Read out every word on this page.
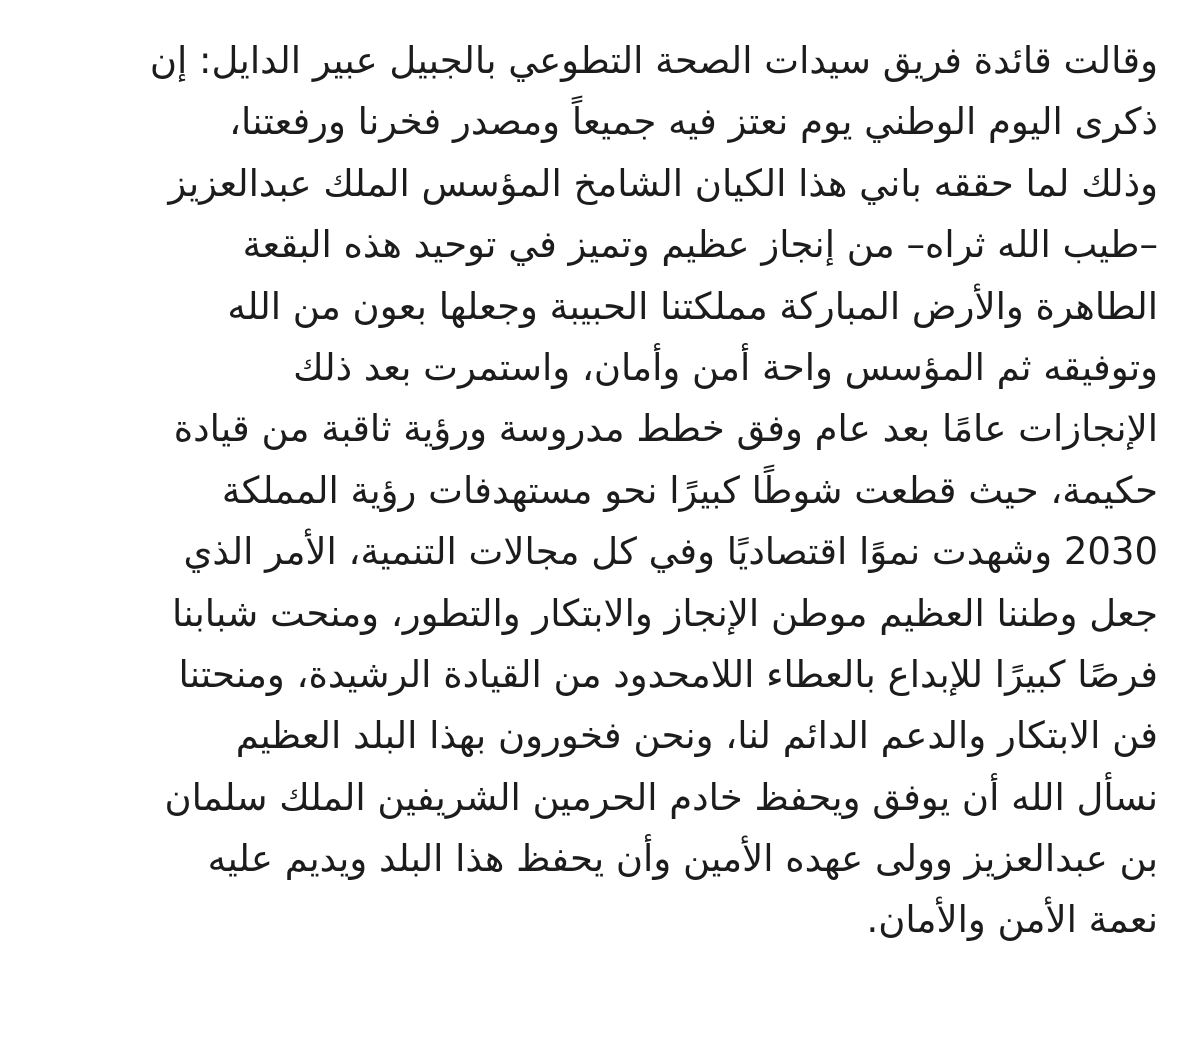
وقالت قائدة فريق سيدات الصحة التطوعي بالجبيل عبير الدايل: إن
ذكرى اليوم الوطني يوم نعتز فيه جميعاً ومصدر فخرنا ورفعتنا،
وذلك لما حققه باني هذا الكيان الشامخ المؤسس الملك عبدالعزيز
–طيب الله ثراه– من إنجاز عظيم وتميز في توحيد هذه البقعة
الطاهرة والأرض المباركة مملكتنا الحبيبة وجعلها بعون من الله
وتوفيقه ثم المؤسس واحة أمن وأمان، واستمرت بعد ذلك
الإنجازات عامًا بعد عام وفق خطط مدروسة ورؤية ثاقبة من قيادة
حكيمة، حيث قطعت شوطًا كبيرًا نحو مستهدفات رؤية المملكة
2030 وشهدت نموًا اقتصاديًا وفي كل مجالات التنمية، الأمر الذي
جعل وطننا العظيم موطن الإنجاز والابتكار والتطور، ومنحت شبابنا
فرصًا كبيرًا للإبداع بالعطاء اللامحدود من القيادة الرشيدة، ومنحتنا
فن الابتكار والدعم الدائم لنا، ونحن فخورون بهذا البلد العظيم
نسأل الله أن يوفق ويحفظ خادم الحرمين الشريفين الملك سلمان
بن عبدالعزيز وولى عهده الأمين وأن يحفظ هذا البلد ويديم عليه
نعمة الأمن والأمان.
